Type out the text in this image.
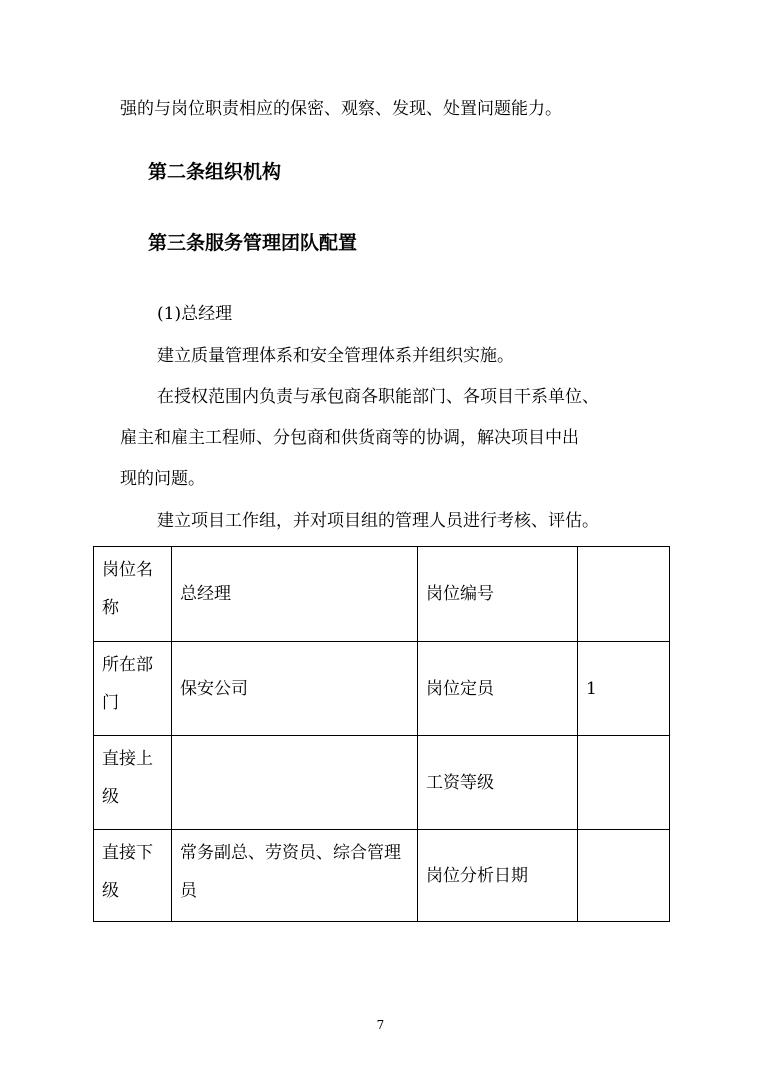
强的与岗位职责相应的保密、观察、发现、处置问题能力。
第二条组织机构
第三条服务管理团队配置
(1)总经理
建立质量管理体系和安全管理体系并组织实施。
在授权范围内负责与承包商各职能部门、各项目干系单位、
雇主和雇主工程师、分包商和供货商等的协调，解决项目中出
现的问题。
建立项目工作组，并对项目组的管理人员进行考核、评估。
岗位名称	总经理	岗位编号	

所在部门	保安公司	岗位定员	1

直接上级		工资等级	

直接下级	常务副总、劳资员、综合管理 员	岗位分析日期	

7
